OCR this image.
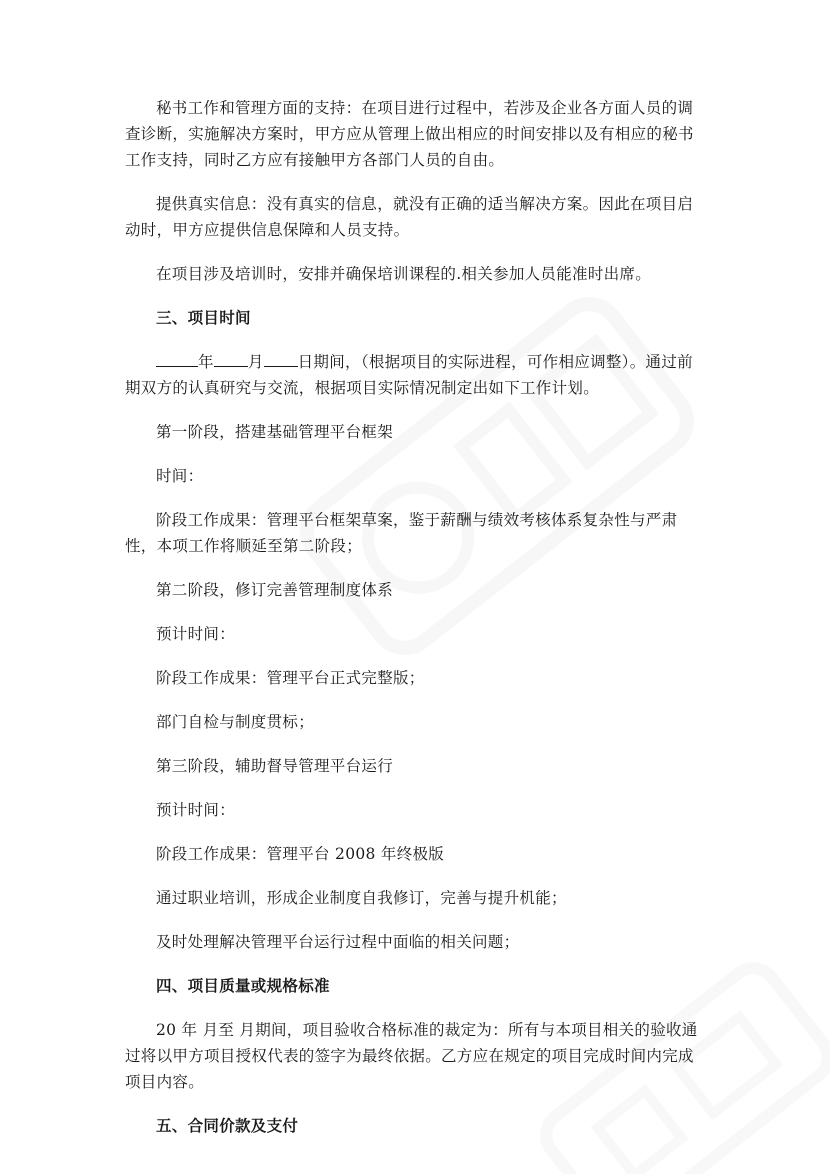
秘书工作和管理方面的支持：在项目进行过程中，若涉及企业各方面人员的调查诊断，实施解决方案时，甲方应从管理上做出相应的时间安排以及有相应的秘书工作支持，同时乙方应有接触甲方各部门人员的自由。

提供真实信息：没有真实的信息，就没有正确的适当解决方案。因此在项目启动时，甲方应提供信息保障和人员支持。

在项目涉及培训时，安排并确保培训课程的.相关参加人员能准时出席。

三、项目时间

年 月 日期间，（根据项目的实际进程，可作相应调整）。通过前期双方的认真研究与交流，根据项目实际情况制定出如下工作计划。

第一阶段，搭建基础管理平台框架

时间：

阶段工作成果：管理平台框架草案，鉴于薪酬与绩效考核体系复杂性与严肃性，本项工作将顺延至第二阶段；

第二阶段，修订完善管理制度体系

预计时间：

阶段工作成果：管理平台正式完整版；

部门自检与制度贯标；

第三阶段，辅助督导管理平台运行

预计时间：

阶段工作成果：管理平台 2008 年终极版

通过职业培训，形成企业制度自我修订，完善与提升机能；

及时处理解决管理平台运行过程中面临的相关问题；

四、项目质量或规格标准

20 年 月至 月期间，项目验收合格标准的裁定为：所有与本项目相关的验收通过将以甲方项目授权代表的签字为最终依据。乙方应在规定的项目完成时间内完成项目内容。

五、合同价款及支付
